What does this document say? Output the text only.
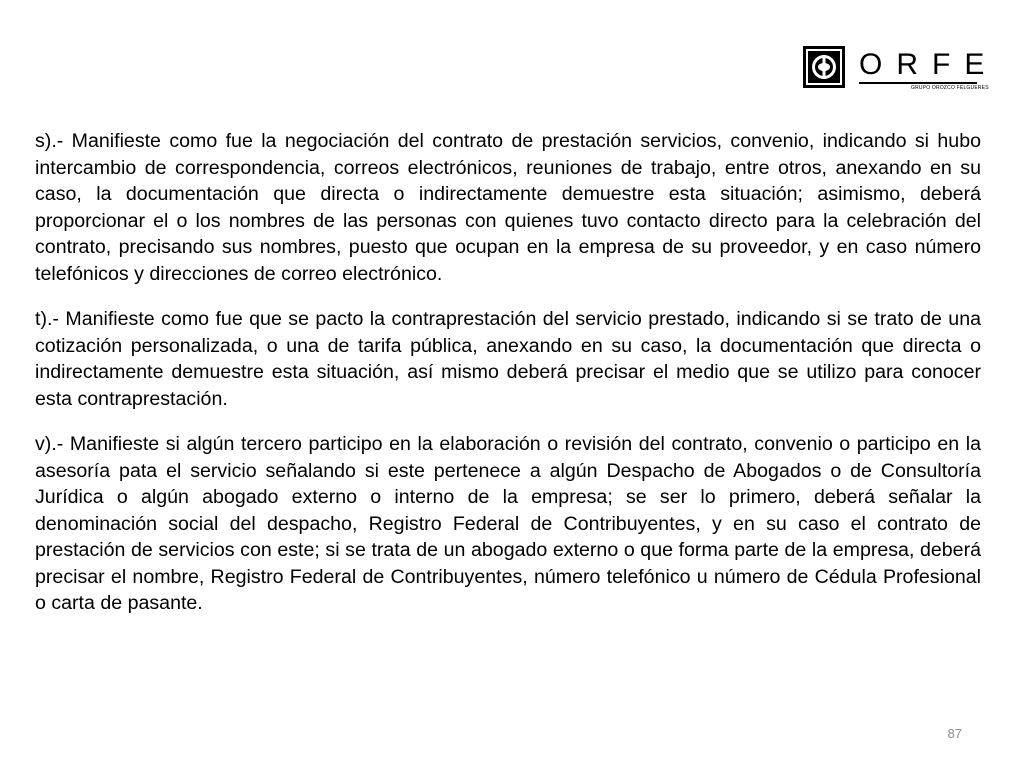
ORFE
GRUPO OROZCO FELGUERES

s).- Manifieste como fue la negociación del contrato de prestación servicios, convenio, indicando si hubo intercambio de correspondencia, correos electrónicos, reuniones de trabajo, entre otros, anexando en su caso, la documentación que directa o indirectamente demuestre esta situación; asimismo, deberá proporcionar el o los nombres de las personas con quienes tuvo contacto directo para la celebración del contrato, precisando sus nombres, puesto que ocupan en la empresa de su proveedor, y en caso número telefónicos y direcciones de correo electrónico.

t).- Manifieste como fue que se pacto la contraprestación del servicio prestado, indicando si se trato de una cotización personalizada, o una de tarifa pública, anexando en su caso, la documentación que directa o indirectamente demuestre esta situación, así mismo deberá precisar el medio que se utilizo para conocer esta contraprestación.

v).- Manifieste si algún tercero participo en la elaboración o revisión del contrato, convenio o participo en la asesoría pata el servicio señalando si este pertenece a algún Despacho de Abogados o de Consultoría Jurídica o algún abogado externo o interno de la empresa; se ser lo primero, deberá señalar la denominación social del despacho, Registro Federal de Contribuyentes, y en su caso el contrato de prestación de servicios con este; si se trata de un abogado externo o que forma parte de la empresa, deberá precisar el nombre, Registro Federal de Contribuyentes, número telefónico u número de Cédula Profesional o carta de pasante.

87
